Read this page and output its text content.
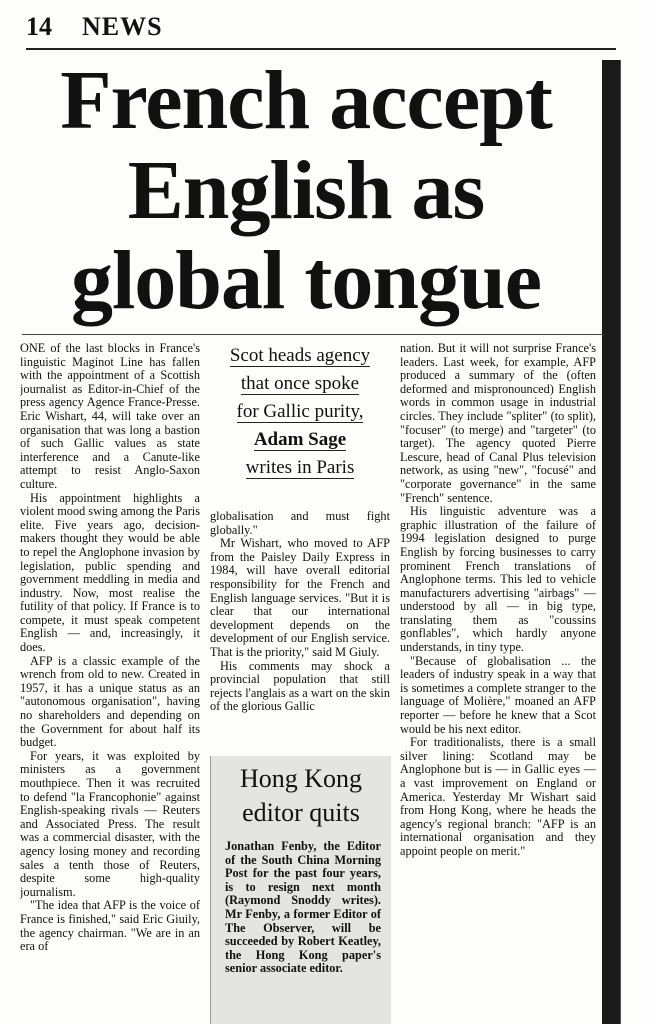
14 NEWS
French accept
English as
global tongue

ONE of the last blocks in France's linguistic Maginot Line has fallen with the appointment of a Scottish journalist as Editor-in-Chief of the press agency Agence France-Presse. Eric Wishart, 44, will take over an organisation that was long a bastion of such Gallic values as state interference and a Canute-like attempt to resist Anglo-Saxon culture.

His appointment highlights a violent mood swing among the Paris elite. Five years ago, decision-makers thought they would be able to repel the Anglophone invasion by legislation, public spending and government meddling in media and industry. Now, most realise the futility of that policy. If France is to compete, it must speak competent English — and, increasingly, it does.

AFP is a classic example of the wrench from old to new. Created in 1957, it has a unique status as an "autonomous organisation", having no shareholders and depending on the Government for about half its budget.

For years, it was exploited by ministers as a government mouthpiece. Then it was recruited to defend "la Francophonie" against English-speaking rivals — Reuters and Associated Press. The result was a commercial disaster, with the agency losing money and recording sales a tenth those of Reuters, despite some high-quality journalism.

"The idea that AFP is the voice of France is finished," said Eric Giuily, the agency chairman. "We are in an era of

Scot heads agency
that once spoke
for Gallic purity,
Adam Sage
writes in Paris

globalisation and must fight globally."

Mr Wishart, who moved to AFP from the Paisley Daily Express in 1984, will have overall editorial responsibility for the French and English language services. "But it is clear that our international development depends on the development of our English service. That is the priority," said M Giuly.

His comments may shock a provincial population that still rejects l'anglais as a wart on the skin of the glorious Gallic

Hong Kong
editor quits
Jonathan Fenby, the Editor of the South China Morning Post for the past four years, is to resign next month (Raymond Snoddy writes). Mr Fenby, a former Editor of The Observer, will be succeeded by Robert Keatley, the Hong Kong paper's senior associate editor.

nation. But it will not surprise France's leaders. Last week, for example, AFP produced a summary of the (often deformed and mispronounced) English words in common usage in industrial circles. They include "spliter" (to split), "focuser" (to merge) and "targeter" (to target). The agency quoted Pierre Lescure, head of Canal Plus television network, as using "new", "focusé" and "corporate governance" in the same "French" sentence.

His linguistic adventure was a graphic illustration of the failure of 1994 legislation designed to purge English by forcing businesses to carry prominent French translations of Anglophone terms. This led to vehicle manufacturers advertising "airbags" — understood by all — in big type, translating them as "coussins gonflables", which hardly anyone understands, in tiny type.

"Because of globalisation ... the leaders of industry speak in a way that is sometimes a complete stranger to the language of Molière," moaned an AFP reporter — before he knew that a Scot would be his next editor.

For traditionalists, there is a small silver lining: Scotland may be Anglophone but is — in Gallic eyes — a vast improvement on England or America. Yesterday Mr Wishart said from Hong Kong, where he heads the agency's regional branch: "AFP is an international organisation and they appoint people on merit."
